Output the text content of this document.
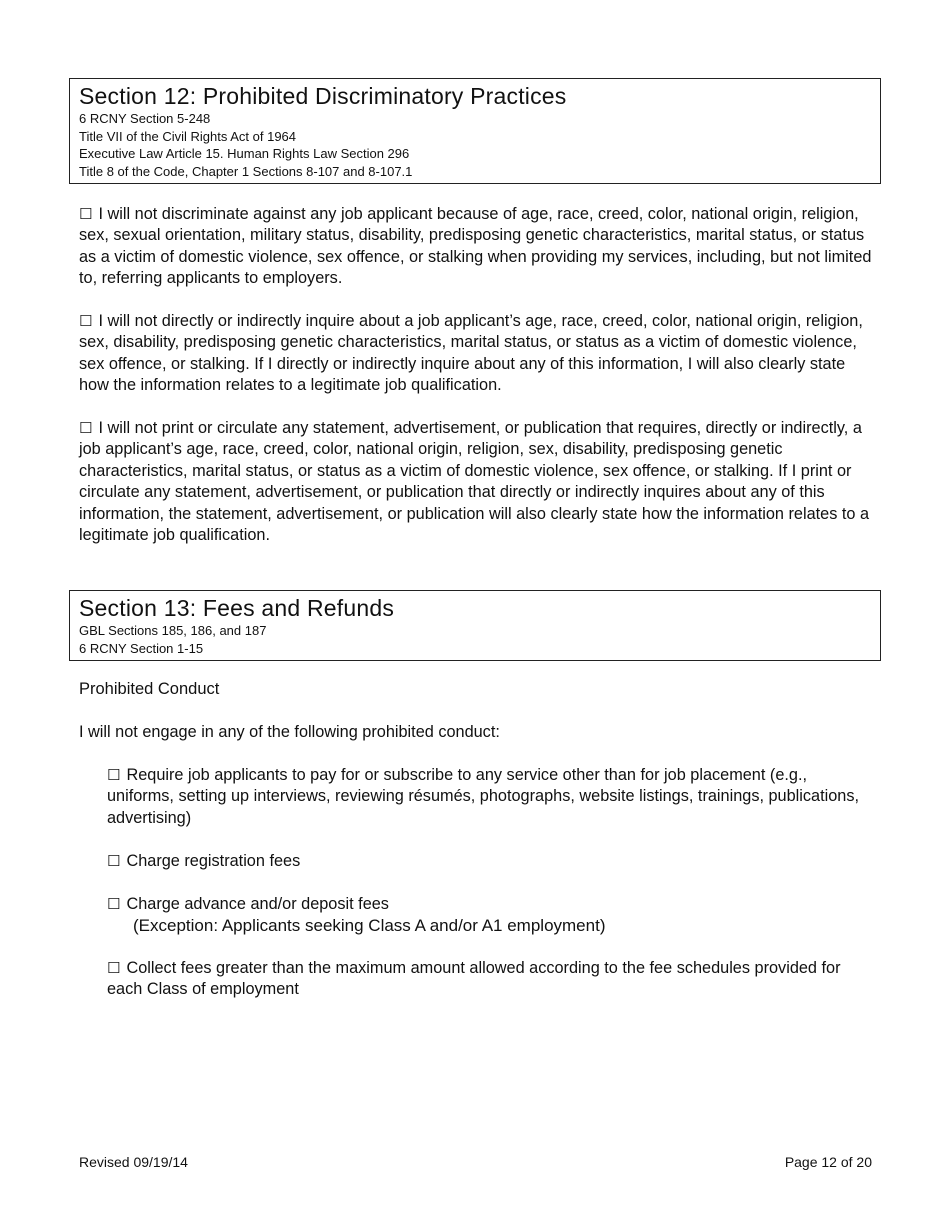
Section 12: Prohibited Discriminatory Practices
6 RCNY Section 5-248
Title VII of the Civil Rights Act of 1964
Executive Law Article 15. Human Rights Law Section 296
Title 8 of the Code, Chapter 1 Sections 8-107 and 8-107.1
☐ I will not discriminate against any job applicant because of age, race, creed, color, national origin, religion, sex, sexual orientation, military status, disability, predisposing genetic characteristics, marital status, or status as a victim of domestic violence, sex offence, or stalking when providing my services, including, but not limited to, referring applicants to employers.
☐ I will not directly or indirectly inquire about a job applicant’s age, race, creed, color, national origin, religion, sex, disability, predisposing genetic characteristics, marital status, or status as a victim of domestic violence, sex offence, or stalking. If I directly or indirectly inquire about any of this information, I will also clearly state how the information relates to a legitimate job qualification.
☐ I will not print or circulate any statement, advertisement, or publication that requires, directly or indirectly, a job applicant’s age, race, creed, color, national origin, religion, sex, disability, predisposing genetic characteristics, marital status, or status as a victim of domestic violence, sex offence, or stalking. If I print or circulate any statement, advertisement, or publication that directly or indirectly inquires about any of this information, the statement, advertisement, or publication will also clearly state how the information relates to a legitimate job qualification.
Section 13: Fees and Refunds
GBL Sections 185, 186, and 187
6 RCNY Section 1-15
Prohibited Conduct
I will not engage in any of the following prohibited conduct:
☐ Require job applicants to pay for or subscribe to any service other than for job placement (e.g., uniforms, setting up interviews, reviewing résumés, photographs, website listings, trainings, publications, advertising)
☐ Charge registration fees
☐ Charge advance and/or deposit fees
(Exception: Applicants seeking Class A and/or A1 employment)
☐ Collect fees greater than the maximum amount allowed according to the fee schedules provided for each Class of employment
Revised 09/19/14	Page 12 of 20
